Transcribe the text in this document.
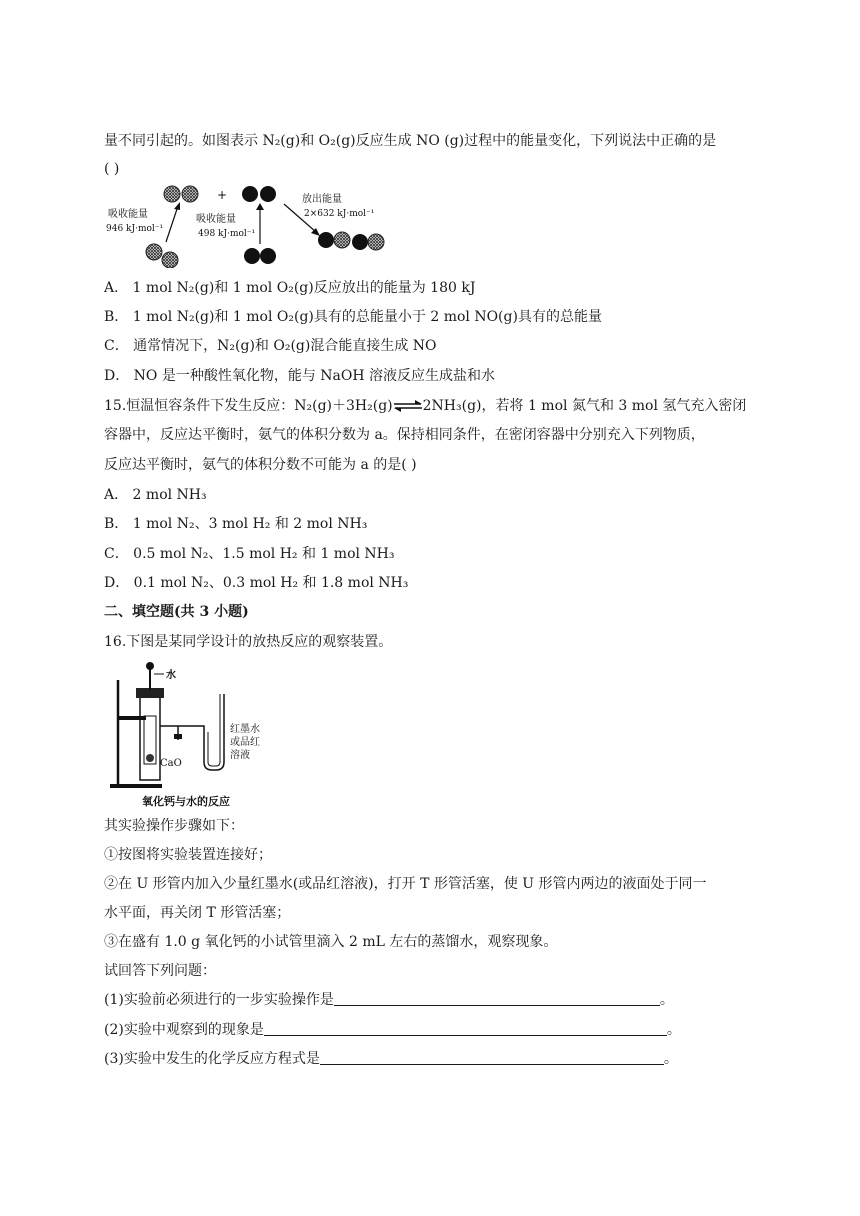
量不同引起的。如图表示 N₂(g)和 O₂(g)反应生成 NO (g)过程中的能量变化，下列说法中正确的是
( )
+
吸收能量
946 kJ·mol⁻¹
吸收能量
498 kJ·mol⁻¹
放出能量
2×632 kJ·mol⁻¹
A． 1 mol N₂(g)和 1 mol O₂(g)反应放出的能量为 180 kJ
B． 1 mol N₂(g)和 1 mol O₂(g)具有的总能量小于 2 mol NO(g)具有的总能量
C． 通常情况下，N₂(g)和 O₂(g)混合能直接生成 NO
D． NO 是一种酸性氧化物，能与 NaOH 溶液反应生成盐和水
15.恒温恒容条件下发生反应：N₂(g)＋3H₂(g)⇌2NH₃(g)，若将 1 mol 氮气和 3 mol 氢气充入密闭
容器中，反应达平衡时，氨气的体积分数为 a。保持相同条件，在密闭容器中分别充入下列物质，
反应达平衡时，氨气的体积分数不可能为 a 的是( )
A． 2 mol NH₃
B． 1 mol N₂、3 mol H₂ 和 2 mol NH₃
C． 0.5 mol N₂、1.5 mol H₂ 和 1 mol NH₃
D． 0.1 mol N₂、0.3 mol H₂ 和 1.8 mol NH₃
二、填空题(共 3 小题)
16.下图是某同学设计的放热反应的观察装置。
水
CaO
红墨水
或品红
溶液
氧化钙与水的反应
其实验操作步骤如下：
①按图将实验装置连接好；
②在 U 形管内加入少量红墨水(或品红溶液)，打开 T 形管活塞，使 U 形管内两边的液面处于同一
水平面，再关闭 T 形管活塞；
③在盛有 1.0 g 氧化钙的小试管里滴入 2 mL 左右的蒸馏水，观察现象。
试回答下列问题：
(1)实验前必须进行的一步实验操作是	。
(2)实验中观察到的现象是	。
(3)实验中发生的化学反应方程式是	。
